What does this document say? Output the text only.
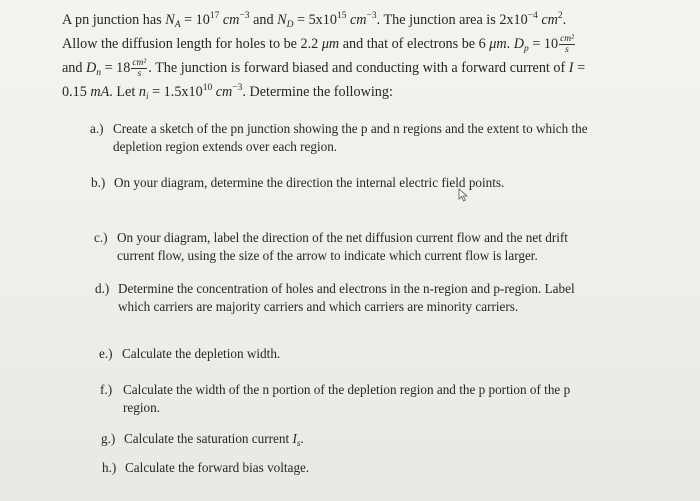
A pn junction has $N_A = 10^{17}$ $cm^{-3}$ and $N_D = 5x10^{15}$ $cm^{-3}$. The junction area is $2x10^{-4}$ $cm^2$.
Allow the diffusion length for holes to be 2.2 μm and that of electrons be 6 μm. $D_p = 10 \frac{\text{cm²}}{s}$
and $D_n = 18 \frac{\text{cm²}}{s}$ . The junction is forward biased and conducting with a forward current of I =
0.15 mA. Let $n_i = 1.5x10^{10}$ $cm^{-3}$. Determine the following:
a.) Create a sketch of the pn junction showing the p and n regions and the extent to which the
depletion region extends over each region.
b.) On your diagram, determine the direction the internal electric field points.
c.) On your diagram, label the direction of the net diffusion current flow and the net drift
current flow, using the size of the arrow to indicate which current flow is larger.
d.) Determine the concentration of holes and electrons in the n-region and p-region. Label
which carriers are majority carriers and which carriers are minority carriers.
e.) Calculate the depletion width.
f.) Calculate the width of the n portion of the depletion region and the p portion of the p
region.
g.) Calculate the saturation current $I_s$.
h.) Calculate the forward bias voltage.
